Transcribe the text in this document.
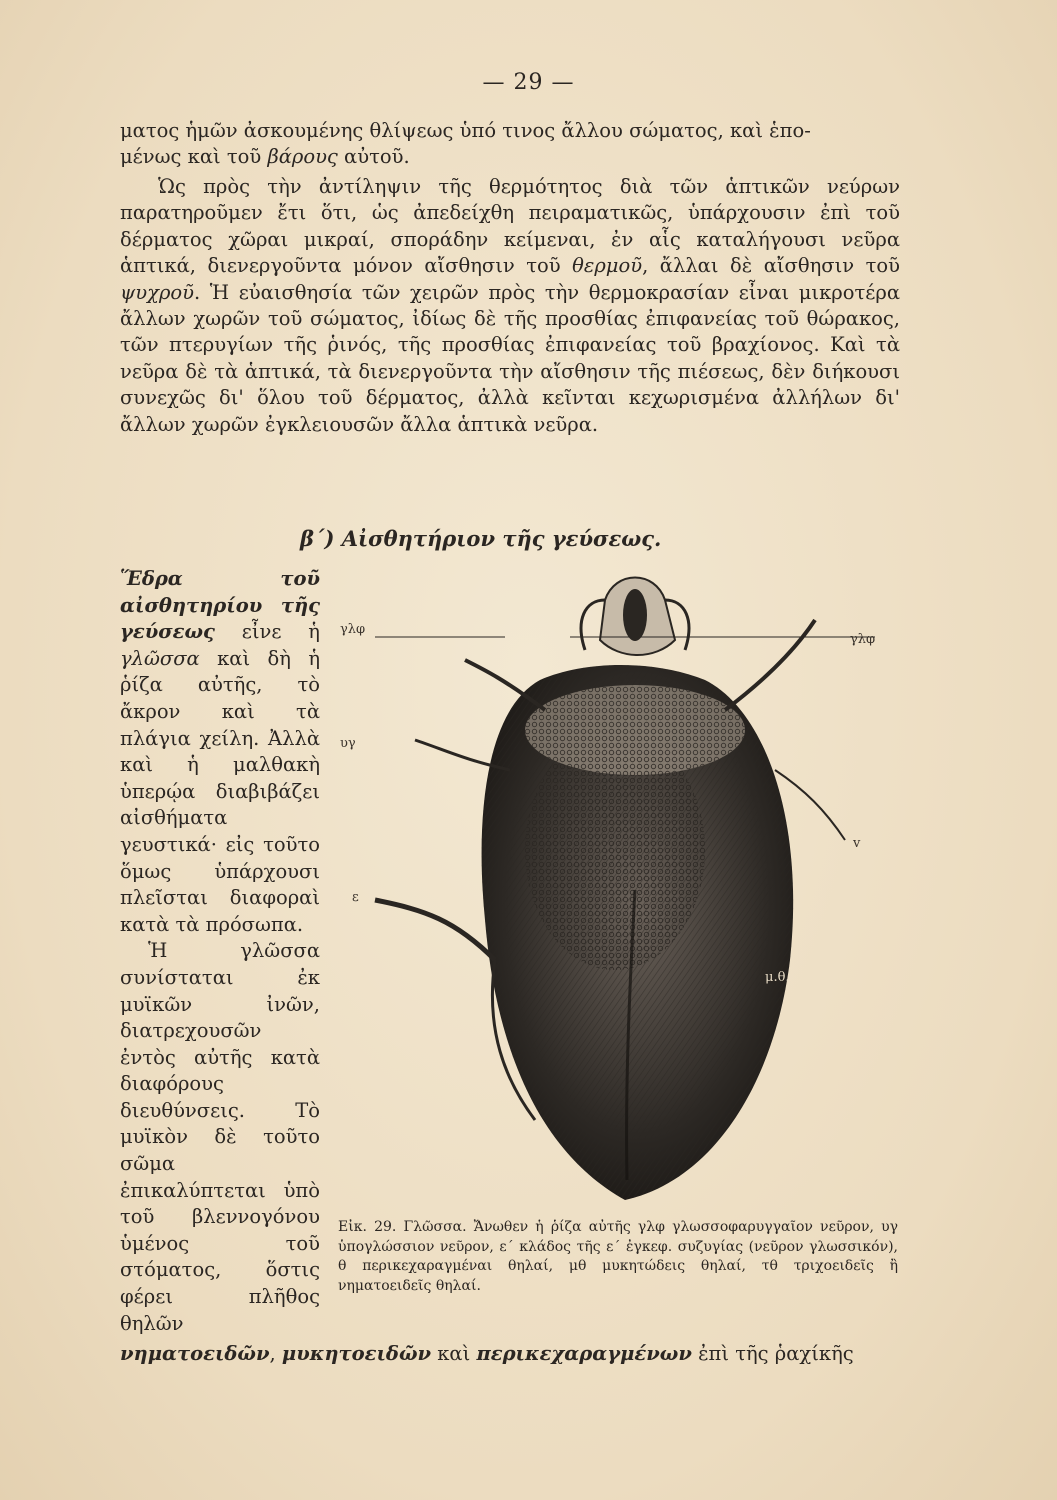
— 29 —

ματος ἡμῶν ἀσκουμένης θλίψεως ὑπό τινος ἄλλου σώματος, καὶ ἑπο-
μένως καὶ τοῦ βάρους αὐτοῦ.

Ὡς πρὸς τὴν ἀντίληψιν τῆς θερμότητος διὰ τῶν ἁπτικῶν νεύρων παρατηροῦμεν ἔτι ὅτι, ὡς ἀπεδείχθη πειραματικῶς, ὑπάρχουσιν ἐπὶ τοῦ δέρματος χῶραι μικραί, σποράδην κείμεναι, ἐν αἷς καταλήγουσι νεῦρα ἁπτικά, διενεργοῦντα μόνον αἴσθησιν τοῦ θερμοῦ, ἄλλαι δὲ αἴσθησιν τοῦ ψυχροῦ. Ἡ εὐαισθησία τῶν χειρῶν πρὸς τὴν θερμοκρασίαν εἶναι μικροτέρα ἄλλων χωρῶν τοῦ σώματος, ἰδίως δὲ τῆς προσθίας ἐπιφανείας τοῦ θώρακος, τῶν πτερυγίων τῆς ῥινός, τῆς προσθίας ἐπιφανείας τοῦ βραχίονος. Καὶ τὰ νεῦρα δὲ τὰ ἁπτικά, τὰ διενεργοῦντα τὴν αἴσθησιν τῆς πιέσεως, δὲν διήκουσι συνεχῶς δι' ὅλου τοῦ δέρματος, ἀλλὰ κεῖνται κεχωρισμένα ἀλλήλων δι' ἄλλων χωρῶν ἐγκλειουσῶν ἄλλα ἁπτικὰ νεῦρα.

β΄) Αἰσθητήριον τῆς γεύσεως.

Ἕδρα τοῦ αἰσθητηρίου τῆς γεύσεως εἶνε ἡ γλῶσσα καὶ δὴ ἡ ῥίζα αὐτῆς, τὸ ἄκρον καὶ τὰ πλάγια χείλη. Ἀλλὰ καὶ ἡ μαλθακὴ ὑπερῴα διαβιβάζει αἰσθήματα γευστικά· εἰς τοῦτο ὅμως ὑπάρχουσι πλεῖσται διαφοραὶ κατὰ τὰ πρόσωπα.

Ἡ γλῶσσα συνίσταται ἐκ μυϊκῶν ἰνῶν, διατρεχουσῶν ἐντὸς αὐτῆς κατὰ διαφόρους διευθύνσεις. Τὸ μυϊκὸν δὲ τοῦτο σῶμα ἐπικαλύπτεται ὑπὸ τοῦ βλεννογόνου ὑμένος τοῦ στόματος, ὅστις φέρει πλῆθος θηλῶν

γλφ
γλφ
υγ
ε
v
μ.θ.
Εἰκ. 29. Γλῶσσα. Ἄνωθεν ἡ ῥίζα αὐτῆς γλφ γλωσσοφαρυγγαῖον νεῦρον, υγ ὑπογλώσσιον νεῦρον, ε΄ κλάδος τῆς ε΄ ἐγκεφ. συζυγίας (νεῦρον γλωσσικόν), θ περικεχαραγμέναι θηλαί, μθ μυκητώδεις θηλαί, τθ τριχοειδεῖς ἢ νηματοειδεῖς θηλαί.
νηματοειδῶν, μυκητοειδῶν καὶ περικεχαραγμένων ἐπὶ τῆς ῥαχίκῆς
